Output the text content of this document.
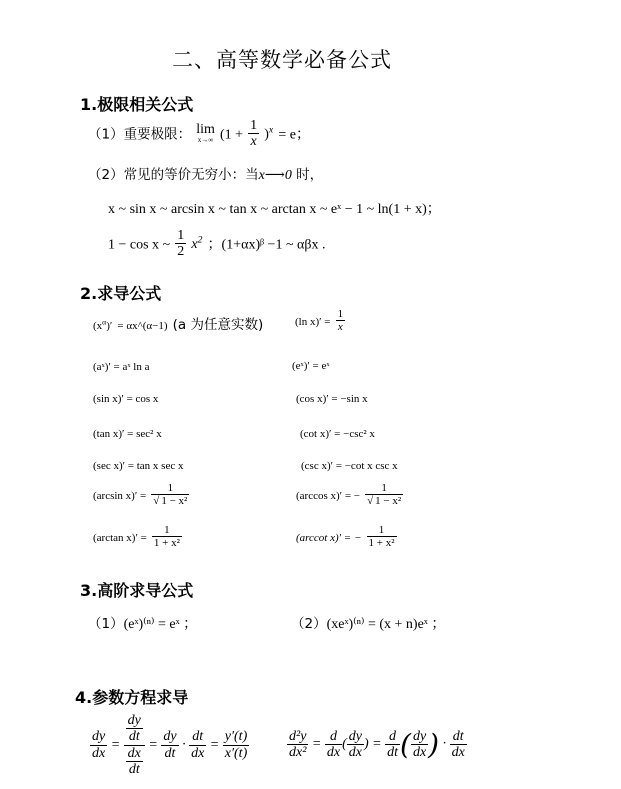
二、高等数学必备公式
1.极限相关公式
（1）重要极限： lim
x→∞ $(1 + \frac{1}{x} )^x = e$；
（2）常见的等价无穷小：当x⟶0 时，
x ~ sin x ~ arcsin x ~ tan x ~ arctan x ~ eˣ − 1 ~ ln(1 + x)；
1 − cos x ~ $\frac{1}{2} x^2$ ；(1+αx)ᵝ −1 ~ αβx .
2.求导公式
$(x^\alpha)'$ = αx^(α−1) (a 为任意实数)	(ln $x)' = \frac{1}{x}$
(aˣ)′ = aˣ ln a	(eˣ)′ = eˣ
(sin x)′ = cos x	(cos x)′ = −sin x
(tan x)′ = sec² x	(cot x)′ = −csc² x
(sec x)′ = tan x sec x	(csc x)′ = −cot x csc x
(arcsin $x)' = \frac{1}{\text{√ 1 − x²}}$	(arccos x)′ = − $\frac{1}{\text{√ 1 − x²}}$
(arctan $x)' = \frac{1}{\text{1 + x²}}$	(arccot x)′ = − $\frac{1}{\text{1 + x²}}$
3.高阶求导公式
（1）(eˣ)⁽ⁿ⁾ = eˣ ；	（2）(xeˣ)⁽ⁿ⁾ = (x + n)eˣ ；
4.参数方程求导
$\frac{dy}{dx} = \frac{\frac{dy}{dt}}{\frac{dx}{dt}} = \frac{dy}{dt} \cdot \frac{dt}{dx} = \frac{y'(t)}{x'(t)}$	$\frac{\text{d²y}}{\text{dx²}} = \frac{d}{dx}$ ( $\frac{dy}{dx}$ ) = $\frac{d}{dt}$ ( $\frac{dy}{dx}$ ) · $\frac{dt}{dx}$
